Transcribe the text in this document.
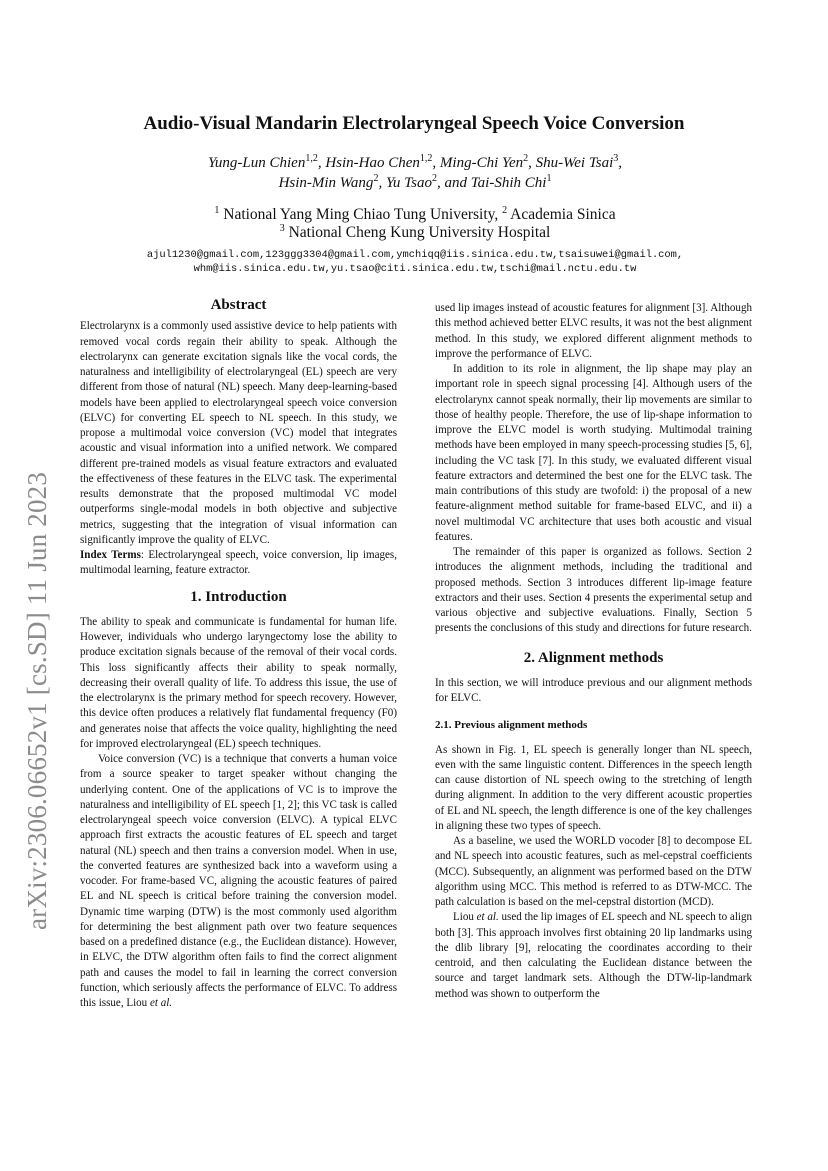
arXiv:2306.06652v1 [cs.SD] 11 Jun 2023
Audio-Visual Mandarin Electrolaryngeal Speech Voice Conversion
Yung-Lun Chien$^{1,2}$, Hsin-Hao Chen$^{1,2}$, Ming-Chi Yen$^2$, Shu-Wei Tsai$^3$,
Hsin-Min Wang$^2$, Yu Tsao$^2$, and Tai-Shih Chi$^1$
$^1$ National Yang Ming Chiao Tung University, $^2$ Academia Sinica
$^3$ National Cheng Kung University Hospital
ajul1230@gmail.com,123ggg3304@gmail.com,ymchiqq@iis.sinica.edu.tw,tsaisuwei@gmail.com,
whm@iis.sinica.edu.tw,yu.tsao@citi.sinica.edu.tw,tschi@mail.nctu.edu.tw

Abstract

Electrolarynx is a commonly used assistive device to help patients with removed vocal cords regain their ability to speak. Although the electrolarynx can generate excitation signals like the vocal cords, the naturalness and intelligibility of electrolaryngeal (EL) speech are very different from those of natural (NL) speech. Many deep-learning-based models have been applied to electrolaryngeal speech voice conversion (ELVC) for converting EL speech to NL speech. In this study, we propose a multimodal voice conversion (VC) model that integrates acoustic and visual information into a unified network. We compared different pre-trained models as visual feature extractors and evaluated the effectiveness of these features in the ELVC task. The experimental results demonstrate that the proposed multimodal VC model outperforms single-modal models in both objective and subjective metrics, suggesting that the integration of visual information can significantly improve the quality of ELVC.

Index Terms: Electrolaryngeal speech, voice conversion, lip images, multimodal learning, feature extractor.

1. Introduction

The ability to speak and communicate is fundamental for human life. However, individuals who undergo laryngectomy lose the ability to produce excitation signals because of the removal of their vocal cords. This loss significantly affects their ability to speak normally, decreasing their overall quality of life. To address this issue, the use of the electrolarynx is the primary method for speech recovery. However, this device often produces a relatively flat fundamental frequency (F0) and generates noise that affects the voice quality, highlighting the need for improved electrolaryngeal (EL) speech techniques.

Voice conversion (VC) is a technique that converts a human voice from a source speaker to target speaker without changing the underlying content. One of the applications of VC is to improve the naturalness and intelligibility of EL speech [1, 2]; this VC task is called electrolaryngeal speech voice conversion (ELVC). A typical ELVC approach first extracts the acoustic features of EL speech and target natural (NL) speech and then trains a conversion model. When in use, the converted features are synthesized back into a waveform using a vocoder. For frame-based VC, aligning the acoustic features of paired EL and NL speech is critical before training the conversion model. Dynamic time warping (DTW) is the most commonly used algorithm for determining the best alignment path over two feature sequences based on a predefined distance (e.g., the Euclidean distance). However, in ELVC, the DTW algorithm often fails to find the correct alignment path and causes the model to fail in learning the correct conversion function, which seriously affects the performance of ELVC. To address this issue, Liou et al.

used lip images instead of acoustic features for alignment [3]. Although this method achieved better ELVC results, it was not the best alignment method. In this study, we explored different alignment methods to improve the performance of ELVC.

In addition to its role in alignment, the lip shape may play an important role in speech signal processing [4]. Although users of the electrolarynx cannot speak normally, their lip movements are similar to those of healthy people. Therefore, the use of lip-shape information to improve the ELVC model is worth studying. Multimodal training methods have been employed in many speech-processing studies [5, 6], including the VC task [7]. In this study, we evaluated different visual feature extractors and determined the best one for the ELVC task. The main contributions of this study are twofold: i) the proposal of a new feature-alignment method suitable for frame-based ELVC, and ii) a novel multimodal VC architecture that uses both acoustic and visual features.

The remainder of this paper is organized as follows. Section 2 introduces the alignment methods, including the traditional and proposed methods. Section 3 introduces different lip-image feature extractors and their uses. Section 4 presents the experimental setup and various objective and subjective evaluations. Finally, Section 5 presents the conclusions of this study and directions for future research.

2. Alignment methods

In this section, we will introduce previous and our alignment methods for ELVC.

2.1. Previous alignment methods

As shown in Fig. 1, EL speech is generally longer than NL speech, even with the same linguistic content. Differences in the speech length can cause distortion of NL speech owing to the stretching of length during alignment. In addition to the very different acoustic properties of EL and NL speech, the length difference is one of the key challenges in aligning these two types of speech.

As a baseline, we used the WORLD vocoder [8] to decompose EL and NL speech into acoustic features, such as mel-cepstral coefficients (MCC). Subsequently, an alignment was performed based on the DTW algorithm using MCC. This method is referred to as DTW-MCC. The path calculation is based on the mel-cepstral distortion (MCD).

Liou et al. used the lip images of EL speech and NL speech to align both [3]. This approach involves first obtaining 20 lip landmarks using the dlib library [9], relocating the coordinates according to their centroid, and then calculating the Euclidean distance between the source and target landmark sets. Although the DTW-lip-landmark method was shown to outperform the
